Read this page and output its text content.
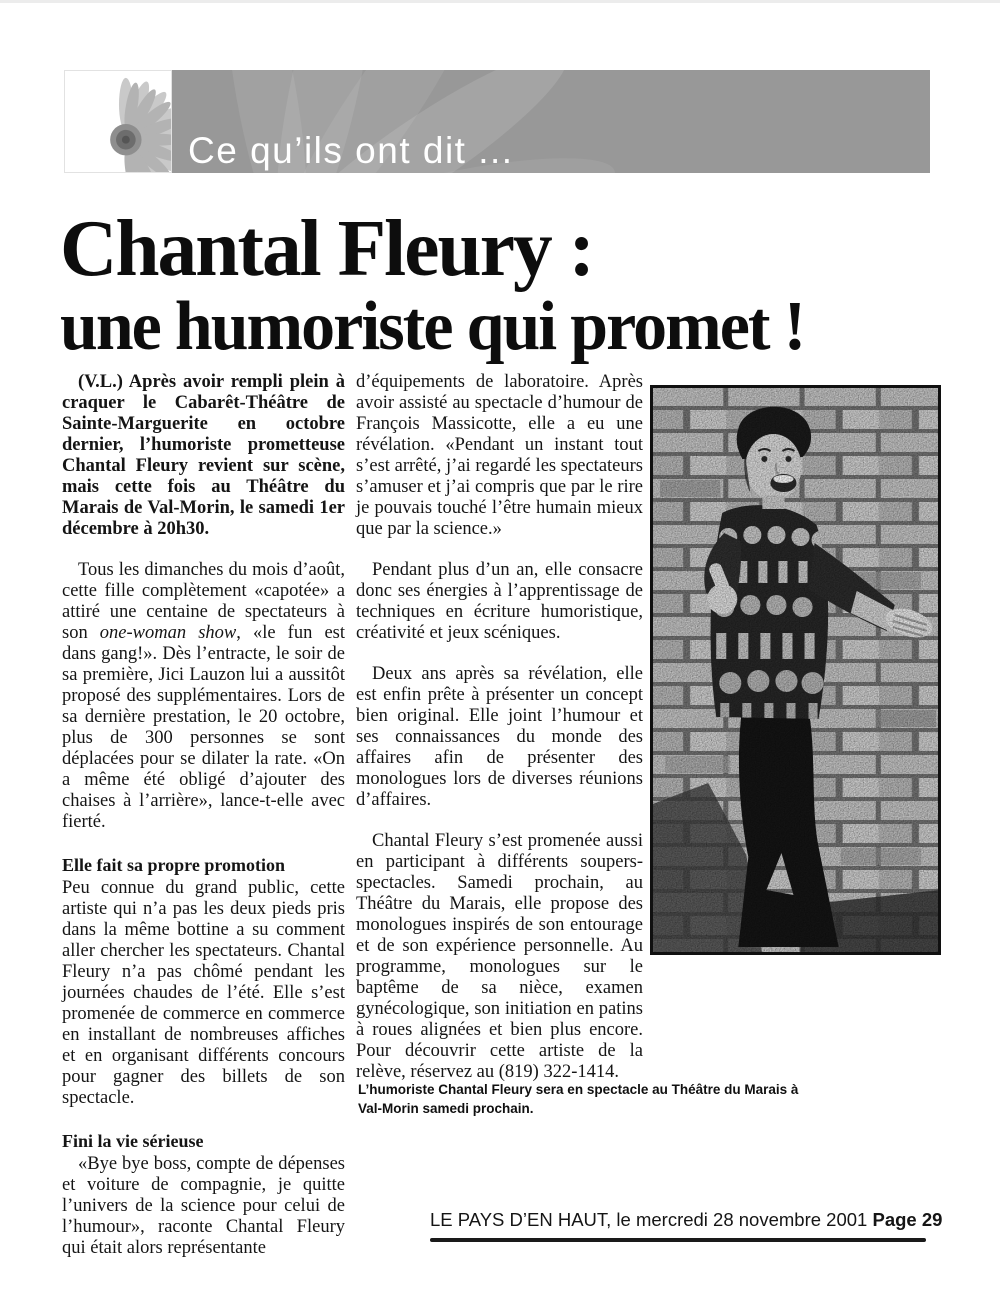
Ce qu’ils ont dit ...
Chantal Fleury :
une humoriste qui promet !

(V.L.) Après avoir rempli plein à craquer le Cabarêt-Théâtre de Sainte-Marguerite en octobre dernier, l’humoriste prometteuse Chantal Fleury revient sur scène, mais cette fois au Théâtre du Marais de Val-Morin, le samedi 1er décembre à 20h30.

Tous les dimanches du mois d’août, cette fille complètement «capotée» a attiré une centaine de spectateurs à son one-woman show, «le fun est dans gang!». Dès l’entracte, le soir de sa première, Jici Lauzon lui a aussitôt proposé des supplémentaires. Lors de sa dernière prestation, le 20 octobre, plus de 300 personnes se sont déplacées pour se dilater la rate. «On a même été obligé d’ajouter des chaises à l’arrière», lance-t-elle avec fierté.

Elle fait sa propre promotion

Peu connue du grand public, cette artiste qui n’a pas les deux pieds pris dans la même bottine a su comment aller chercher les spectateurs. Chantal Fleury n’a pas chômé pendant les journées chaudes de l’été. Elle s’est promenée de commerce en commerce en installant de nombreuses affiches et en organisant différents concours pour gagner des billets de son spectacle.

Fini la vie sérieuse

«Bye bye boss, compte de dépenses et voiture de compagnie, je quitte l’univers de la science pour celui de l’humour», raconte Chantal Fleury qui était alors représentante

d’équipements de laboratoire. Après avoir assisté au spectacle d’humour de François Massicotte, elle a eu une révélation. «Pendant un instant tout s’est arrêté, j’ai regardé les spectateurs s’amuser et j’ai compris que par le rire je pouvais touché l’être humain mieux que par la science.»

Pendant plus d’un an, elle consacre donc ses énergies à l’apprentissage de techniques en écriture humoristique, créativité et jeux scéniques.

Deux ans après sa révélation, elle est enfin prête à présenter un concept bien original. Elle joint l’humour et ses connaissances du monde des affaires afin de présenter des monologues lors de diverses réunions d’affaires.

Chantal Fleury s’est promenée aussi en participant à différents soupers-spectacles. Samedi prochain, au Théâtre du Marais, elle propose des monologues inspirés de son entourage et de son expérience personnelle. Au programme, monologues sur le baptême de sa nièce, examen gynécologique, son initiation en patins à roues alignées et bien plus encore. Pour découvrir cette artiste de la relève, réservez au (819) 322-1414.

L’humoriste Chantal Fleury sera en spectacle au Théâtre du Marais à Val-Morin samedi prochain.
LE PAYS D’EN HAUT, le mercredi 28 novembre 2001 Page 29
